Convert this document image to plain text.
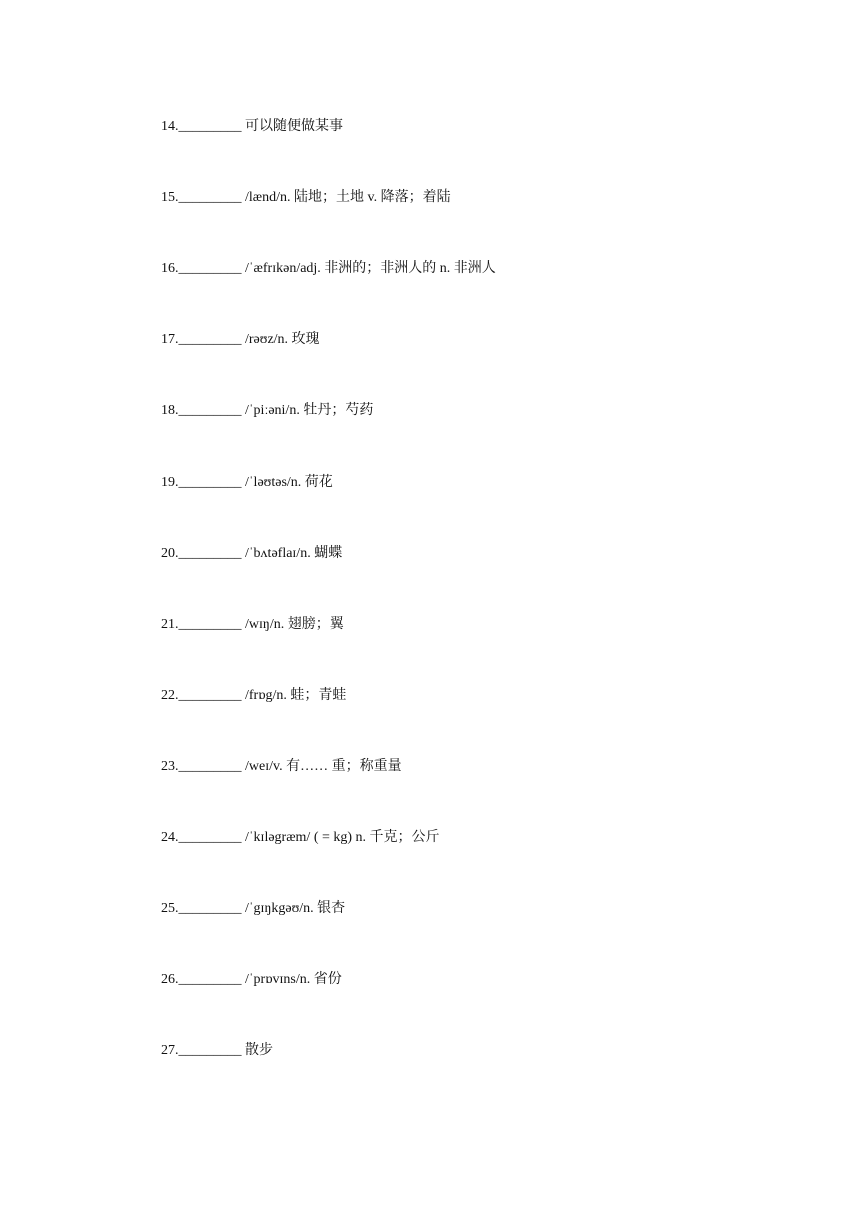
14._________ 可以随便做某事
15._________ /lænd/n. 陆地；土地 v. 降落；着陆
16._________ /ˈæfrɪkən/adj. 非洲的；非洲人的 n. 非洲人
17._________ /rəʊz/n. 玫瑰
18._________ /ˈpiːəni/n. 牡丹；芍药
19._________ /ˈləʊtəs/n. 荷花
20._________ /ˈbʌtəflaɪ/n. 蝴蝶
21._________ /wɪŋ/n. 翅膀；翼
22._________ /frɒg/n. 蛙；青蛙
23._________ /weɪ/v. 有…… 重；称重量
24._________ /ˈkɪləgræm/ ( = kg) n. 千克；公斤
25._________ /ˈgɪŋkgəʊ/n. 银杏
26._________ /ˈprɒvɪns/n. 省份
27._________ 散步
